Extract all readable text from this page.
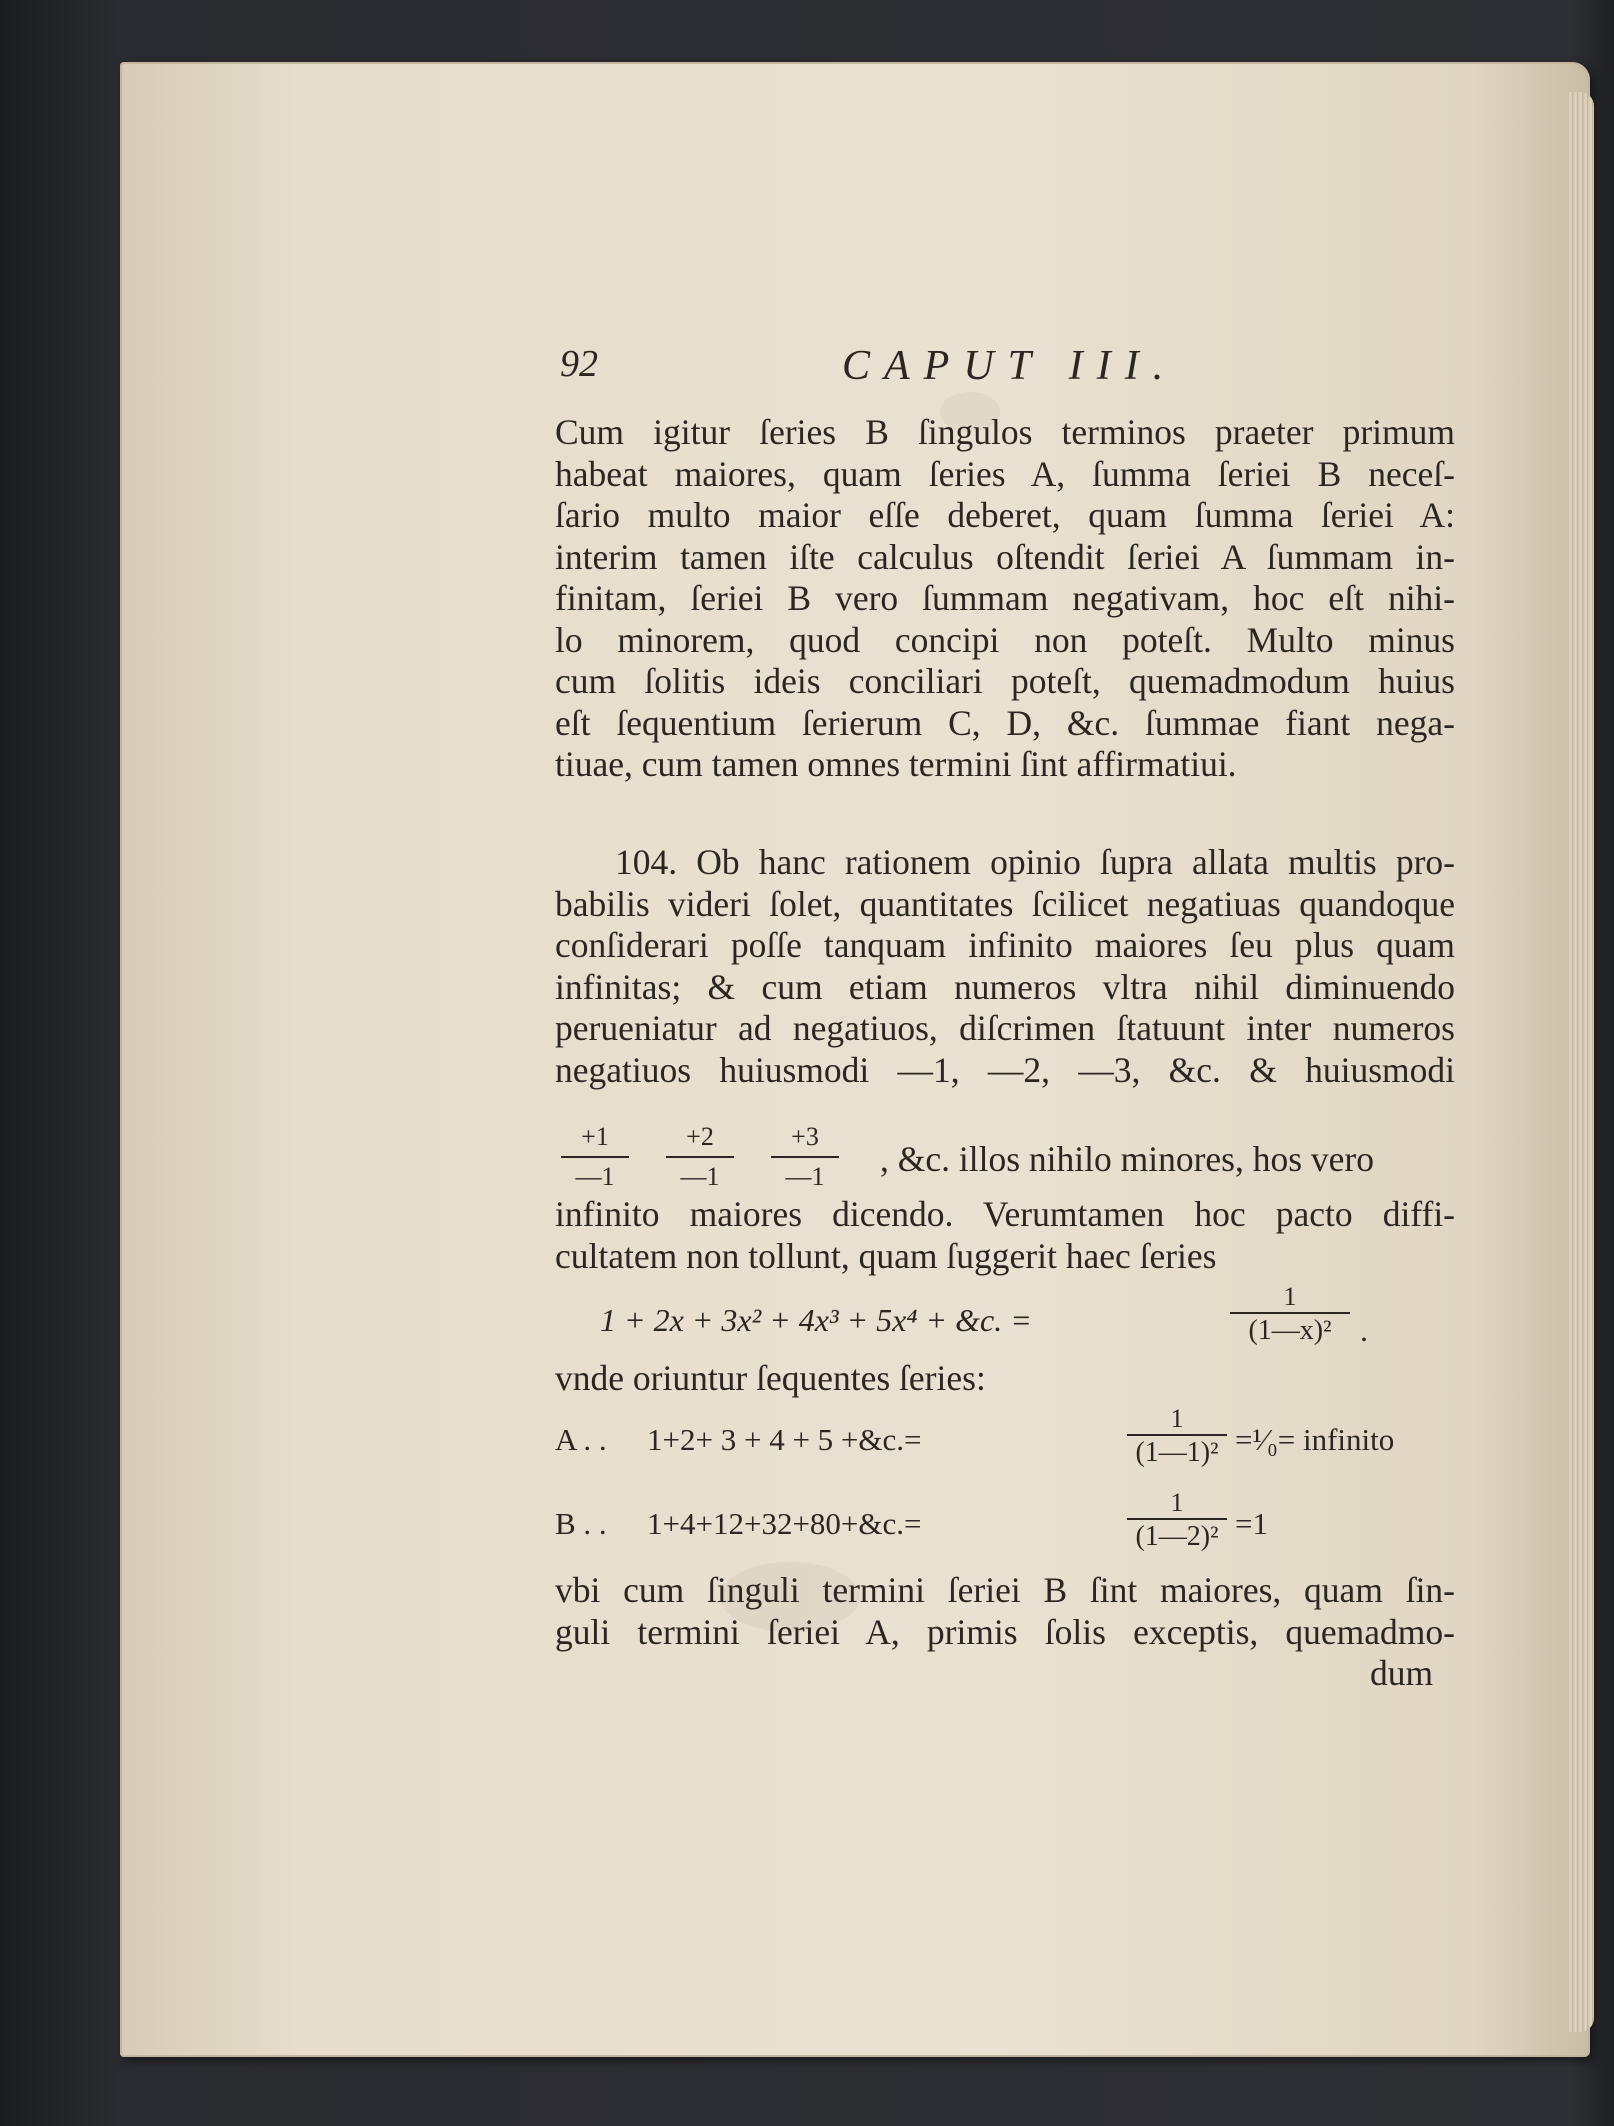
92	CAPUT III.
Cum igitur ſeries B ſingulos terminos praeter primum
habeat maiores, quam ſeries A, ſumma ſeriei B neceſ-
ſario multo maior eſſe deberet, quam ſumma ſeriei A:
interim tamen iſte calculus oſtendit ſeriei A ſummam in-
finitam, ſeriei B vero ſummam negativam, hoc eſt nihi-
lo minorem, quod concipi non poteſt. Multo minus
cum ſolitis ideis conciliari poteſt, quemadmodum huius
eſt ſequentium ſerierum C, D, &c. ſummae fiant nega-
tiuae, cum tamen omnes termini ſint affirmatiui.
104. Ob hanc rationem opinio ſupra allata multis pro-
babilis videri ſolet, quantitates ſcilicet negatiuas quandoque
conſiderari poſſe tanquam infinito maiores ſeu plus quam
infinitas; & cum etiam numeros vltra nihil diminuendo
perueniatur ad negatiuos, diſcrimen ſtatuunt inter numeros
negatiuos huiusmodi —1, —2, —3, &c. & huiusmodi
+1
—1
+2
—1
+3
—1	, &c. illos nihilo minores, hos vero
infinito maiores dicendo. Verumtamen hoc pacto diffi-
cultatem non tollunt, quam ſuggerit haec ſeries
1 + 2x + 3x² + 4x³ + 5x⁴ + &c. =
1
(1—x)² .
vnde oriuntur ſequentes ſeries:
A . . 1+2+ 3 + 4 + 5 +&c.=
1
(1—1)² =¹⁄₀= infinito
B . . 1+4+12+32+80+&c.=
1
(1—2)² =1
vbi cum ſinguli termini ſeriei B ſint maiores, quam ſin-
guli termini ſeriei A, primis ſolis exceptis, quemadmo-
dum
